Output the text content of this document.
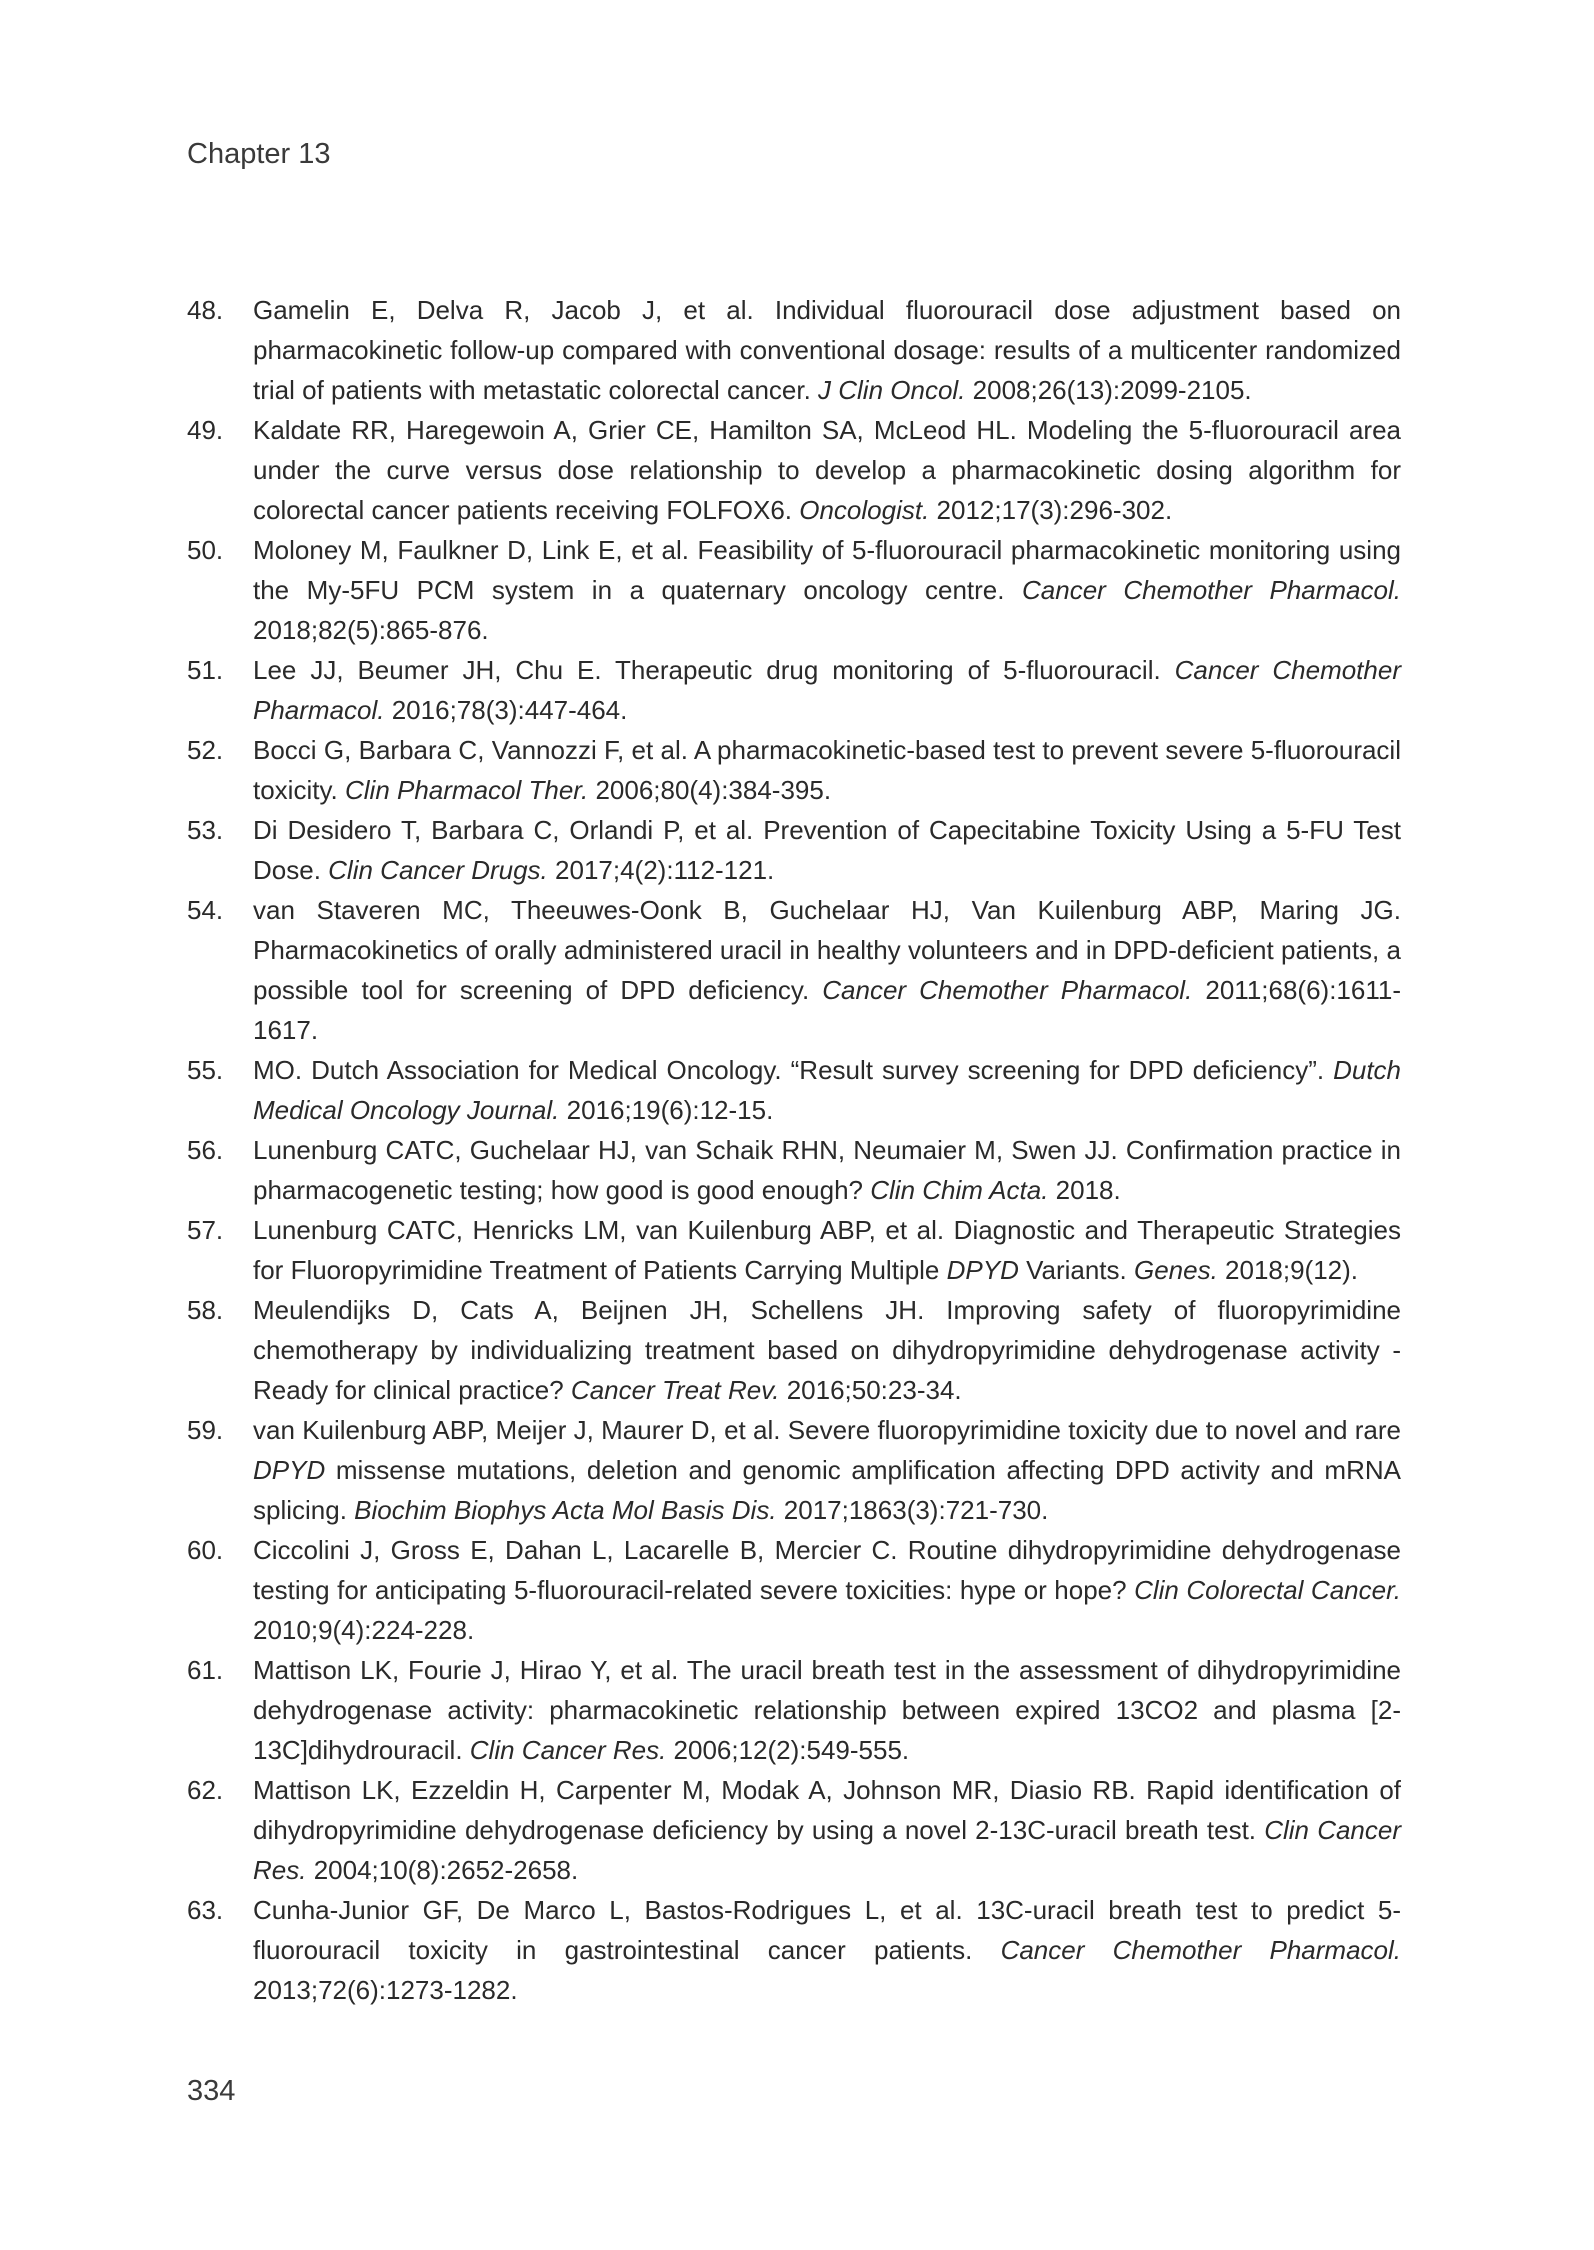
Chapter 13
48.	Gamelin E, Delva R, Jacob J, et al. Individual fluorouracil dose adjustment based on pharmacokinetic follow-up compared with conventional dosage: results of a multicenter randomized trial of patients with metastatic colorectal cancer. J Clin Oncol. 2008;26(13):2099-2105.
49.	Kaldate RR, Haregewoin A, Grier CE, Hamilton SA, McLeod HL. Modeling the 5-fluorouracil area under the curve versus dose relationship to develop a pharmacokinetic dosing algorithm for colorectal cancer patients receiving FOLFOX6. Oncologist. 2012;17(3):296-302.
50.	Moloney M, Faulkner D, Link E, et al. Feasibility of 5-fluorouracil pharmacokinetic monitoring using the My-5FU PCM system in a quaternary oncology centre. Cancer Chemother Pharmacol. 2018;82(5):865-876.
51.	Lee JJ, Beumer JH, Chu E. Therapeutic drug monitoring of 5-fluorouracil. Cancer Chemother Pharmacol. 2016;78(3):447-464.
52.	Bocci G, Barbara C, Vannozzi F, et al. A pharmacokinetic-based test to prevent severe 5-fluorouracil toxicity. Clin Pharmacol Ther. 2006;80(4):384-395.
53.	Di Desidero T, Barbara C, Orlandi P, et al. Prevention of Capecitabine Toxicity Using a 5-FU Test Dose. Clin Cancer Drugs. 2017;4(2):112-121.
54.	van Staveren MC, Theeuwes-Oonk B, Guchelaar HJ, Van Kuilenburg ABP, Maring JG. Pharmacokinetics of orally administered uracil in healthy volunteers and in DPD-deficient patients, a possible tool for screening of DPD deficiency. Cancer Chemother Pharmacol. 2011;68(6):1611-1617.
55.	MO. Dutch Association for Medical Oncology. “Result survey screening for DPD deficiency”. Dutch Medical Oncology Journal. 2016;19(6):12-15.
56.	Lunenburg CATC, Guchelaar HJ, van Schaik RHN, Neumaier M, Swen JJ. Confirmation practice in pharmacogenetic testing; how good is good enough? Clin Chim Acta. 2018.
57.	Lunenburg CATC, Henricks LM, van Kuilenburg ABP, et al. Diagnostic and Therapeutic Strategies for Fluoropyrimidine Treatment of Patients Carrying Multiple DPYD Variants. Genes. 2018;9(12).
58.	Meulendijks D, Cats A, Beijnen JH, Schellens JH. Improving safety of fluoropyrimidine chemotherapy by individualizing treatment based on dihydropyrimidine dehydrogenase activity - Ready for clinical practice? Cancer Treat Rev. 2016;50:23-34.
59.	van Kuilenburg ABP, Meijer J, Maurer D, et al. Severe fluoropyrimidine toxicity due to novel and rare DPYD missense mutations, deletion and genomic amplification affecting DPD activity and mRNA splicing. Biochim Biophys Acta Mol Basis Dis. 2017;1863(3):721-730.
60.	Ciccolini J, Gross E, Dahan L, Lacarelle B, Mercier C. Routine dihydropyrimidine dehydrogenase testing for anticipating 5-fluorouracil-related severe toxicities: hype or hope? Clin Colorectal Cancer. 2010;9(4):224-228.
61.	Mattison LK, Fourie J, Hirao Y, et al. The uracil breath test in the assessment of dihydropyrimidine dehydrogenase activity: pharmacokinetic relationship between expired 13CO2 and plasma [2-13C]dihydrouracil. Clin Cancer Res. 2006;12(2):549-555.
62.	Mattison LK, Ezzeldin H, Carpenter M, Modak A, Johnson MR, Diasio RB. Rapid identification of dihydropyrimidine dehydrogenase deficiency by using a novel 2-13C-uracil breath test. Clin Cancer Res. 2004;10(8):2652-2658.
63.	Cunha-Junior GF, De Marco L, Bastos-Rodrigues L, et al. 13C-uracil breath test to predict 5-fluorouracil toxicity in gastrointestinal cancer patients. Cancer Chemother Pharmacol. 2013;72(6):1273-1282.
334
